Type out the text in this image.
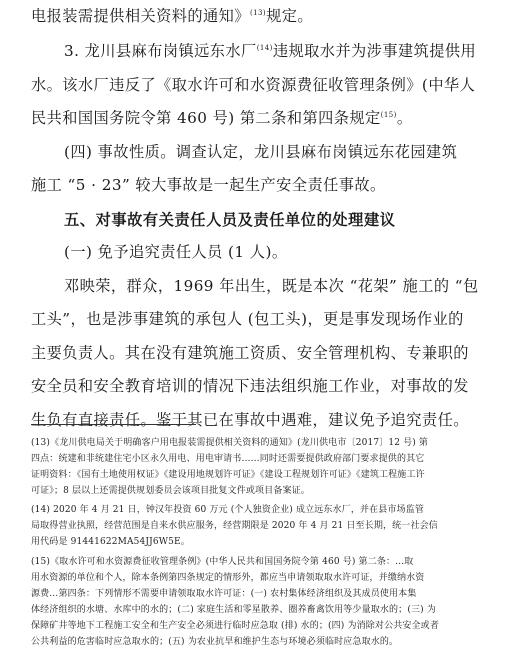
电报装需提供相关资料的通知》$^{(13)}$规定。
3. 龙川县麻布岗镇远东水厂$^{(14)}$违规取水并为涉事建筑提供用
水。该水厂违反了《取水许可和水资源费征收管理条例》(中华人
民共和国国务院令第 460 号) 第二条和第四条规定$^{(15)}$。
(四) 事故性质。调查认定，龙川县麻布岗镇远东花园建筑
施工 “5 · 23” 较大事故是一起生产安全责任事故。
五、对事故有关责任人员及责任单位的处理建议
(一) 免予追究责任人员 (1 人)。
邓映荣，群众，1969 年出生，既是本次 “花架” 施工的 “包
工头”，也是涉事建筑的承包人 (包工头)，更是事发现场作业的
主要负责人。其在没有建筑施工资质、安全管理机构、专兼职的
安全员和安全教育培训的情况下违法组织施工作业，对事故的发
生负有直接责任。鉴于其已在事故中遇难，建议免予追究责任。
(13)《龙川供电局关于明确客户用电报装需提供相关资料的通知》(龙川供电市〔2017〕12 号) 第
四点：统建和非统建住宅小区永久用电、用电审请书……同时还需要提供政府部门要求提供的其它
证明资料：《国有土地使用权证》《建设用地规划许可证》《建设工程规划许可证》《建筑工程施工许
可证》；8 层以上还需提供规划委员会该项目批复文件或项目备案证。
(14) 2020 年 4 月 21 日，钟汉年投资 60 万元 (个人独资企业) 成立远东水厂，并在县市场监管
局取得营业执照，经营范围是自来水供应服务，经营期限是 2020 年 4 月 21 日至长期，统一社会信
用代码是 91441622MA54JJ6W5E。
(15)《取水许可和水资源费征收管理条例》(中华人民共和国国务院令第 460 号) 第二条：…取
用水资源的单位和个人，除本条例第四条规定的情形外，都应当申请领取取水许可证，并缴纳水资
源费…第四条：下列情形不需要申请领取取水许可证：(一) 农村集体经济组织及其成员使用本集
体经济组织的水塘、水库中的水的；(二) 家庭生活和零星散养、圈养畜禽饮用等少量取水的；(三) 为
保障矿井等地下工程施工安全和生产安全必须进行临时应急取 (排) 水的；(四) 为消除对公共安全或者
公共利益的危害临时应急取水的；(五) 为农业抗旱和维护生态与环境必须临时应急取水的。
